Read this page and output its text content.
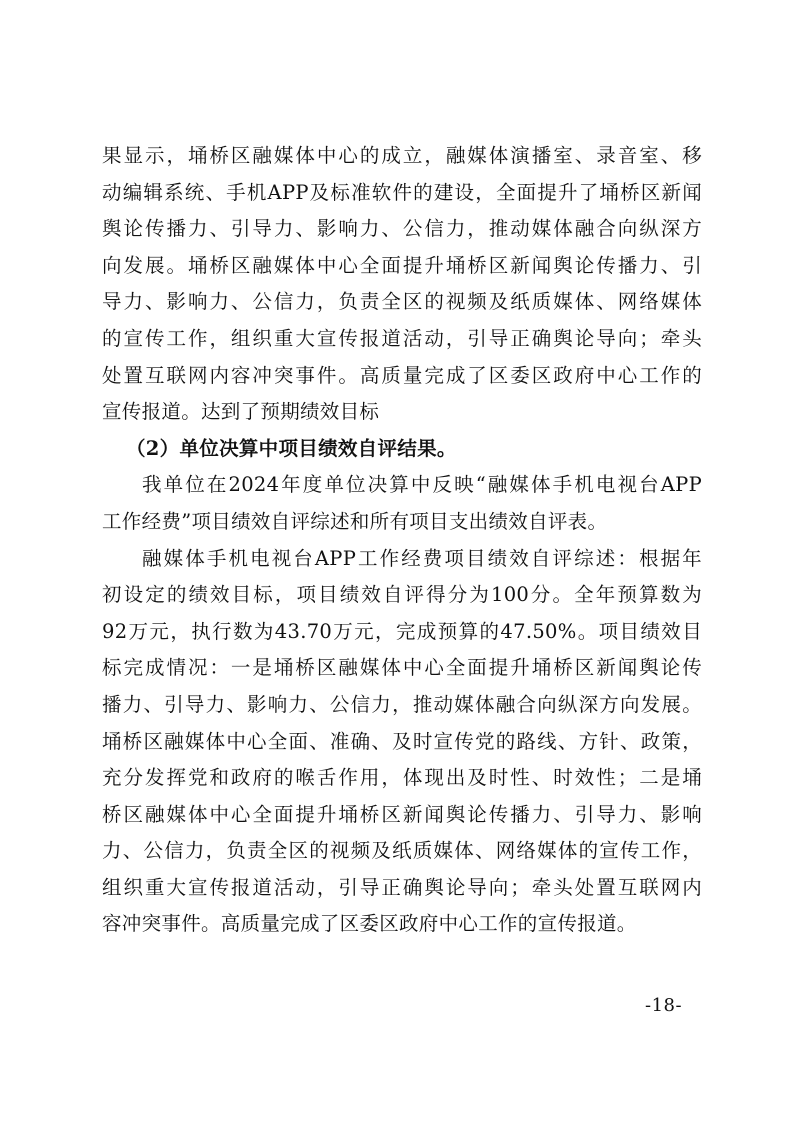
果显示，埇桥区融媒体中心的成立，融媒体演播室、录音室、移
动编辑系统、手机APP及标准软件的建设，全面提升了埇桥区新闻
舆论传播力、引导力、影响力、公信力，推动媒体融合向纵深方
向发展。埇桥区融媒体中心全面提升埇桥区新闻舆论传播力、引
导力、影响力、公信力，负责全区的视频及纸质媒体、网络媒体
的宣传工作，组织重大宣传报道活动，引导正确舆论导向；牵头
处置互联网内容冲突事件。高质量完成了区委区政府中心工作的
宣传报道。达到了预期绩效目标
（2）单位决算中项目绩效自评结果。
我单位在2024年度单位决算中反映“融媒体手机电视台APP
工作经费”项目绩效自评综述和所有项目支出绩效自评表。
融媒体手机电视台APP工作经费项目绩效自评综述：根据年
初设定的绩效目标，项目绩效自评得分为100分。全年预算数为
92万元，执行数为43.70万元，完成预算的47.50%。项目绩效目
标完成情况：一是埇桥区融媒体中心全面提升埇桥区新闻舆论传
播力、引导力、影响力、公信力，推动媒体融合向纵深方向发展。
埇桥区融媒体中心全面、准确、及时宣传党的路线、方针、政策，
充分发挥党和政府的喉舌作用，体现出及时性、时效性；二是埇
桥区融媒体中心全面提升埇桥区新闻舆论传播力、引导力、影响
力、公信力，负责全区的视频及纸质媒体、网络媒体的宣传工作，
组织重大宣传报道活动，引导正确舆论导向；牵头处置互联网内
容冲突事件。高质量完成了区委区政府中心工作的宣传报道。
-18-
